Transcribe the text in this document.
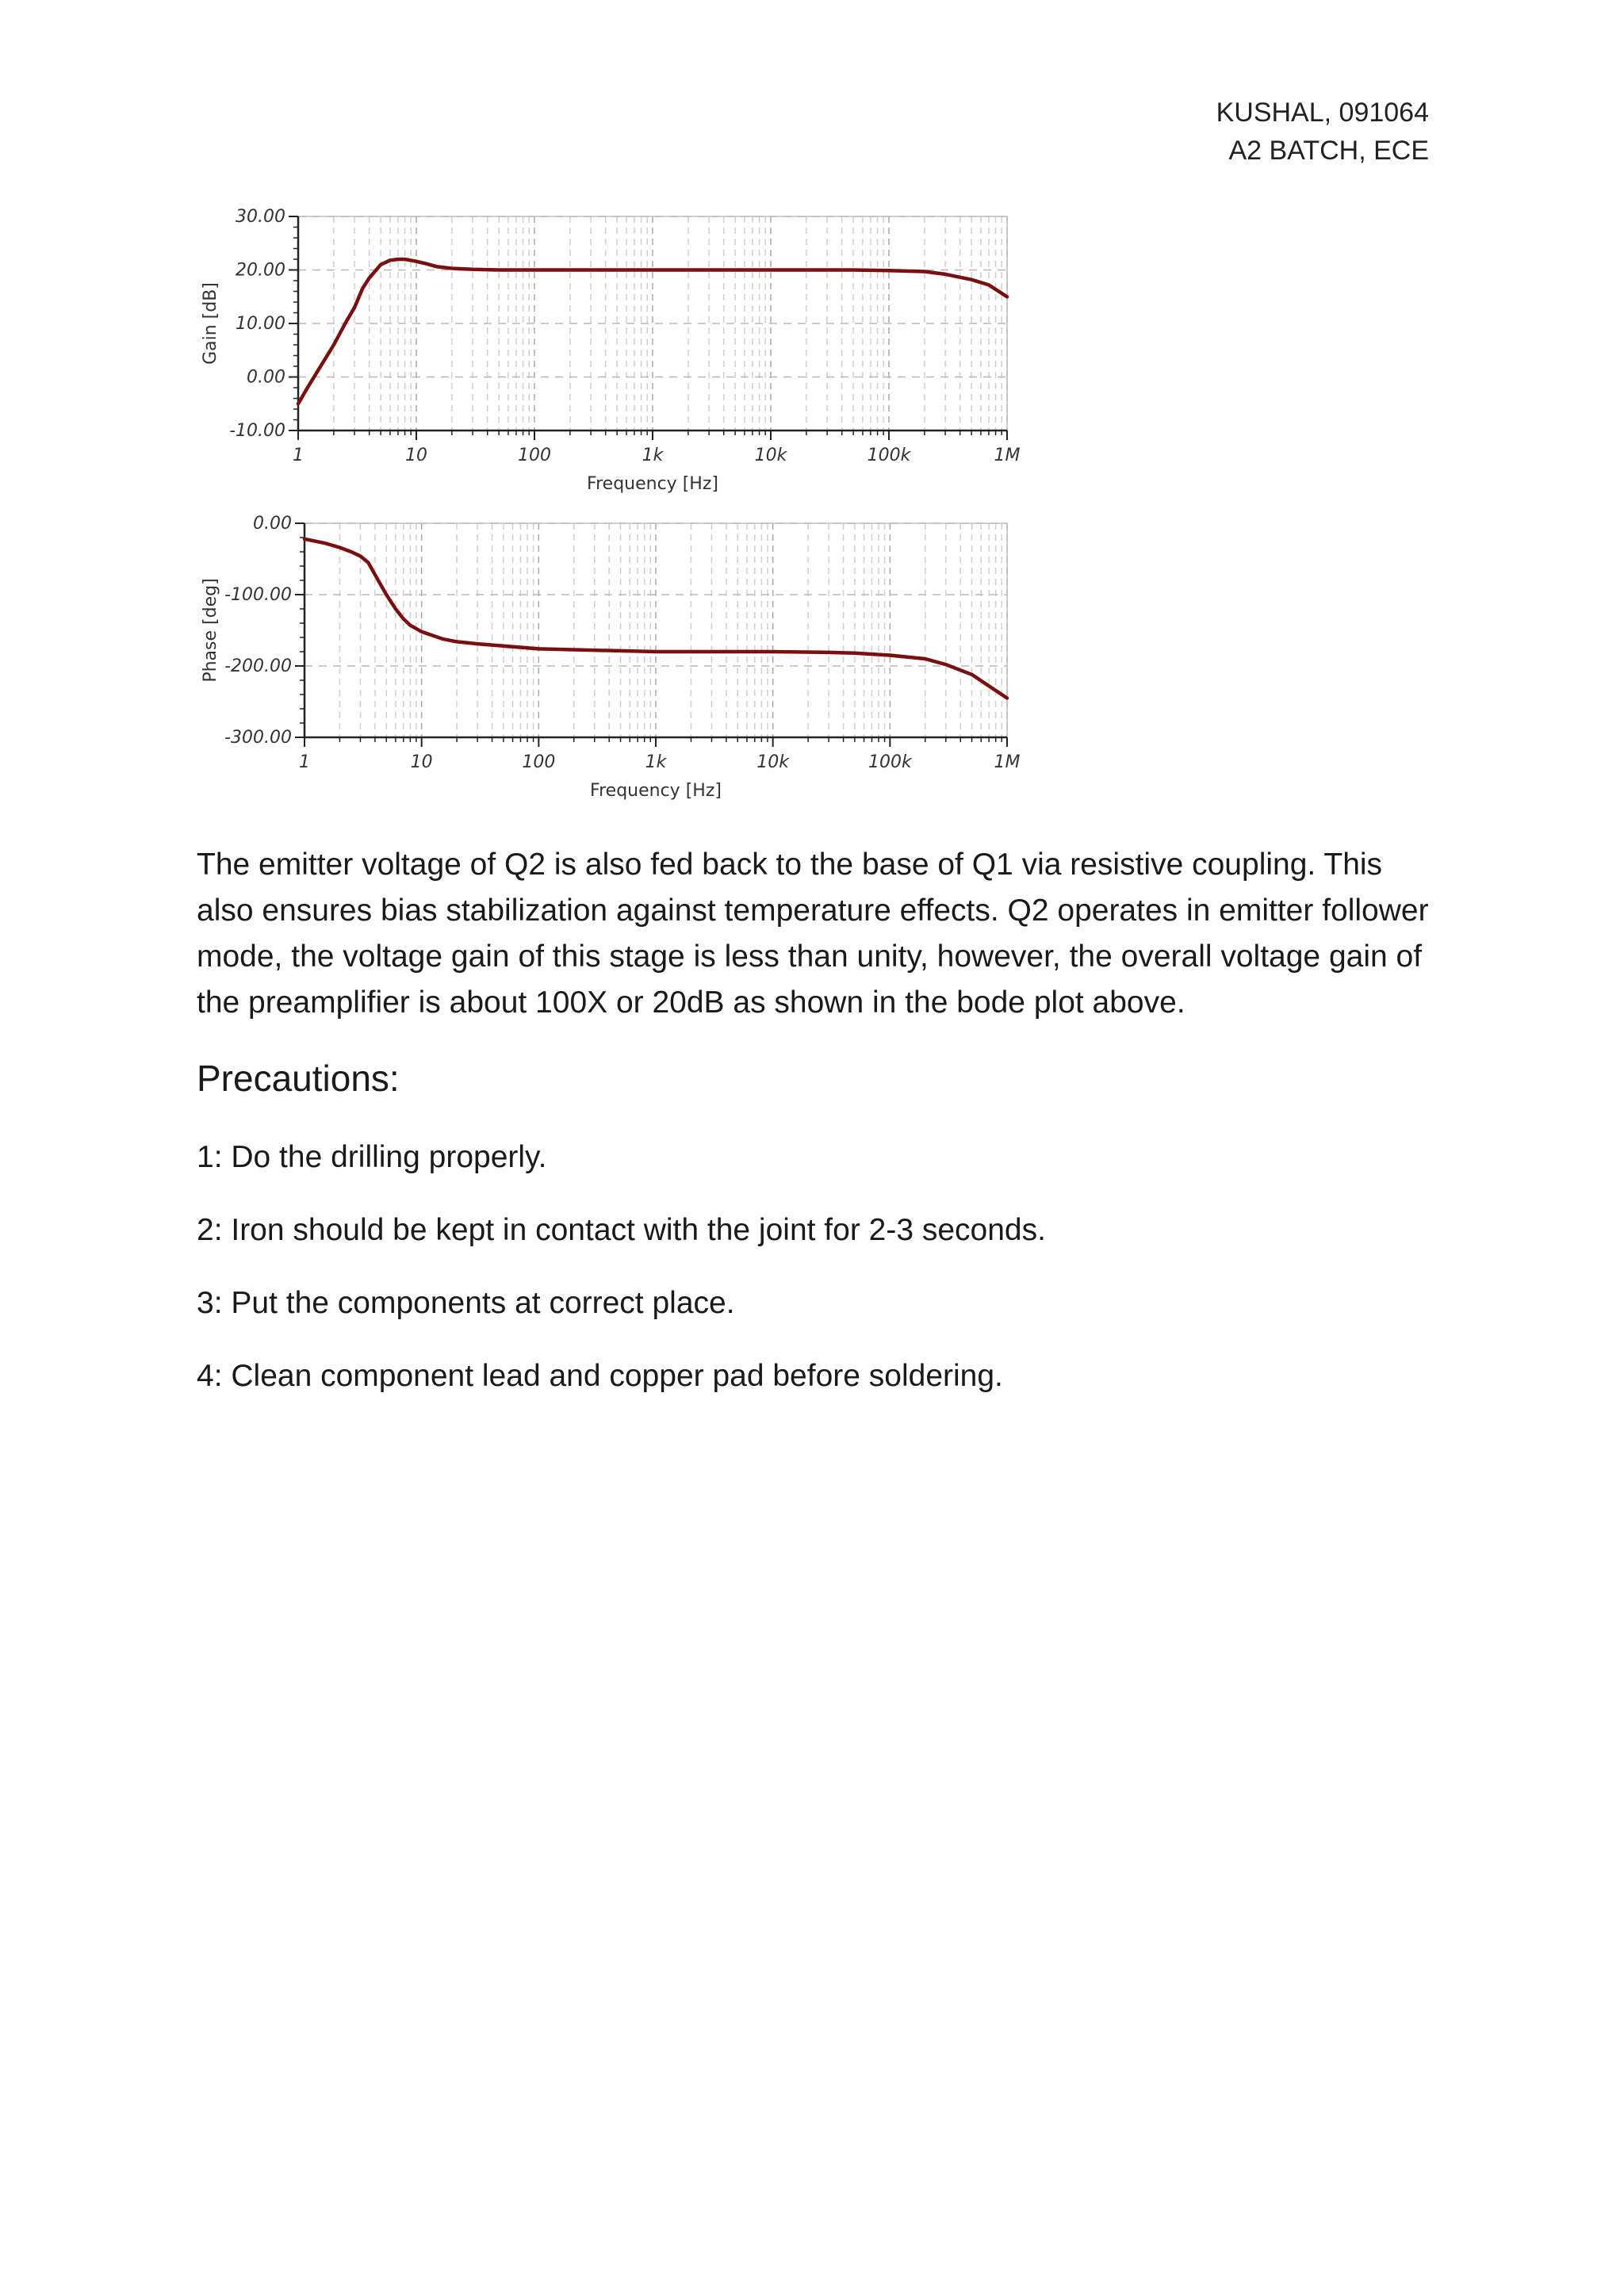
KUSHAL, 091064
A2 BATCH, ECE
30.00
20.00
10.00
0.00
-10.00
1	10	100	1k	10k	100k	1M
Frequency [Hz]
Gain [dB]
0.00
-100.00
-200.00
-300.00
1	10	100	1k	10k	100k	1M
Frequency [Hz]
Phase [deg]

The emitter voltage of Q2 is also fed back to the base of Q1 via resistive coupling. This also ensures bias stabilization against temperature effects. Q2 operates in emitter follower mode, the voltage gain of this stage is less than unity, however, the overall voltage gain of the preamplifier is about 100X or 20dB as shown in the bode plot above.

Precautions:
1: Do the drilling properly.
2: Iron should be kept in contact with the joint for 2-3 seconds.
3: Put the components at correct place.
4: Clean component lead and copper pad before soldering.
